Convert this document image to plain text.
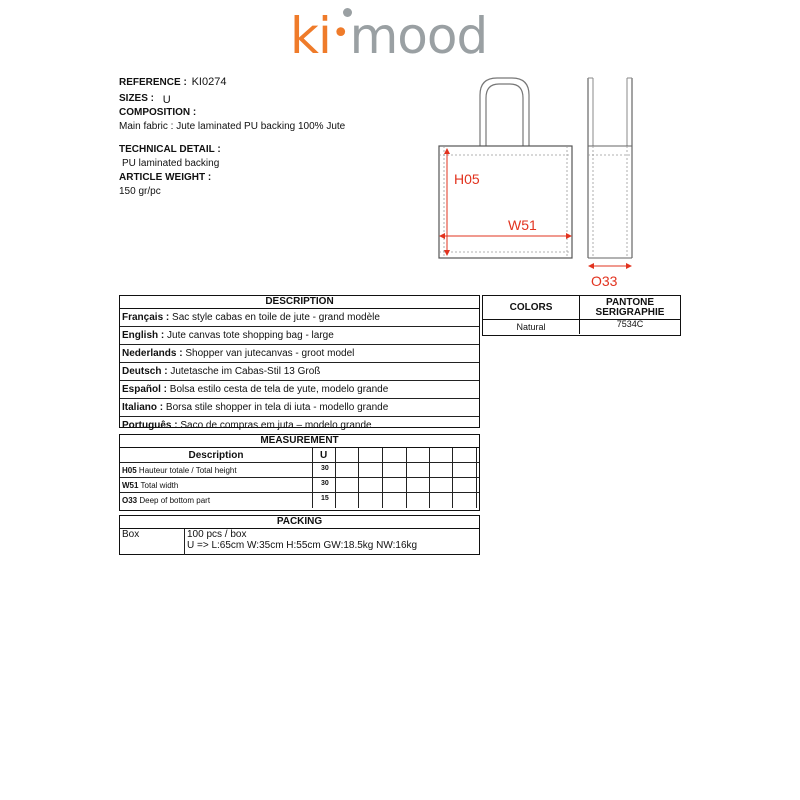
ki•mood
REFERENCE : KI0274
SIZES : U
COMPOSITION :
Main fabric : Jute laminated PU backing 100% Jute
TECHNICAL DETAIL :
PU laminated backing
ARTICLE WEIGHT :
150 gr/pc
H05
W51
O33
DESCRIPTION
Français : Sac style cabas en toile de jute - grand modèle
English : Jute canvas tote shopping bag - large
Nederlands : Shopper van jutecanvas - groot model
Deutsch : Jutetasche im Cabas-Stil 13 Groß
Español : Bolsa estilo cesta de tela de yute, modelo grande
Italiano : Borsa stile shopper in tela di iuta - modello grande
Português : Saco de compras em juta – modelo grande
COLORS	PANTONE SERIGRAPHIE
Natural	7534C
MEASUREMENT
Description	U
H05 Hauteur totale / Total height	30
W51 Total width	30
O33 Deep of bottom part	15
PACKING
Box	100 pcs / box
U => L:65cm W:35cm H:55cm GW:18.5kg NW:16kg
